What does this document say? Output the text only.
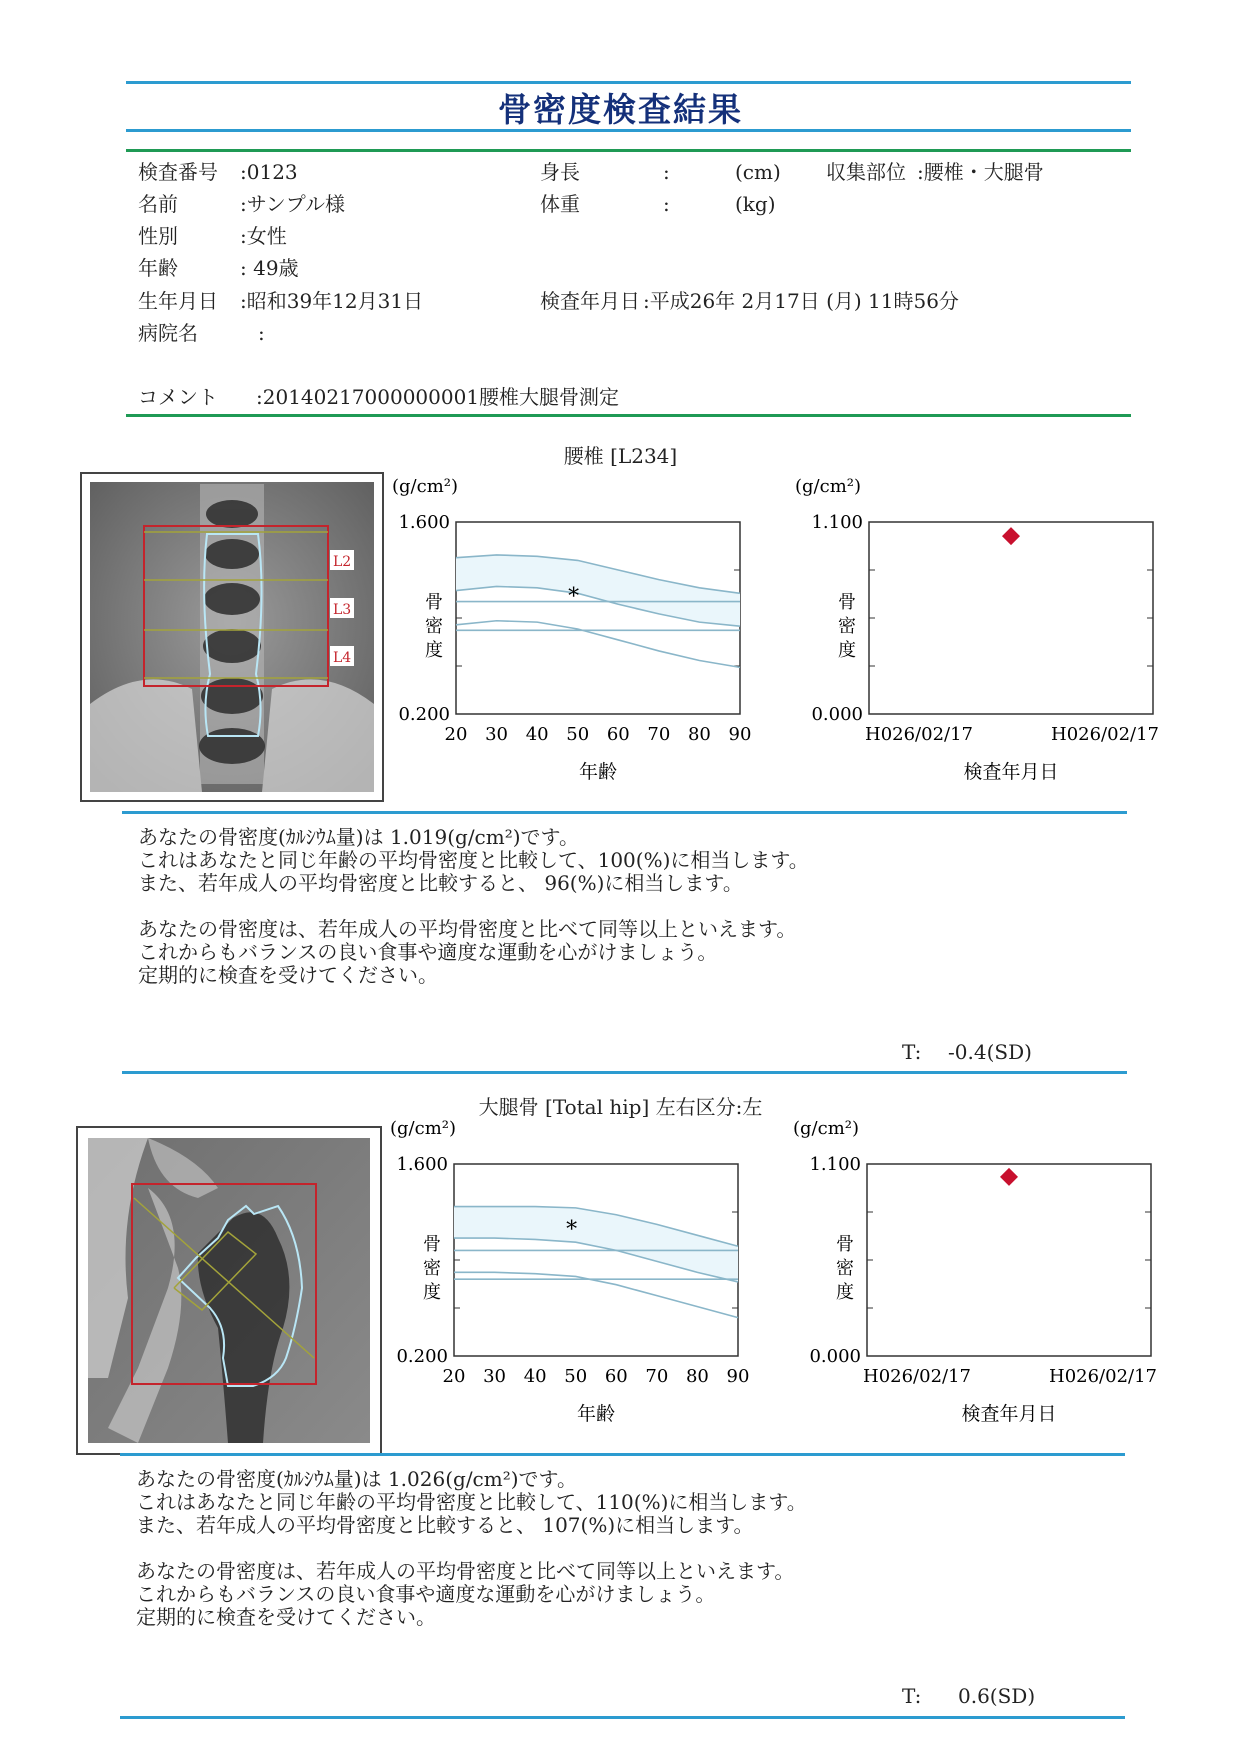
骨密度検査結果
検査番号 :0123
名前	:サンプル様
性別	:女性
年齢	: 49歳
生年月日 :昭和39年12月31日
病院名	:
身長	:	(cm)
体重	:	(kg)
収集部位 :腰椎・大腿骨
検査年月日 :平成26年 2月17日 (月) 11時56分
コメント :20140217000000001腰椎大腿骨測定
腰椎 [L234]
L2
L3
L4
(g/cm²)
1.600
0.200
骨
密
度
年齢
*
20 30 40 50 60 70 80 90
(g/cm²)
1.100
0.000
骨
密
度
検査年月日
H026/02/17	H026/02/17
あなたの骨密度(ｶﾙｼｳﾑ量)は 1.019(g/cm²)です。
これはあなたと同じ年齢の平均骨密度と比較して、100(%)に相当します。
また、若年成人の平均骨密度と比較すると、 96(%)に相当します。
あなたの骨密度は、若年成人の平均骨密度と比べて同等以上といえます。
これからもバランスの良い食事や適度な運動を心がけましょう。
定期的に検査を受けてください。
T: -0.4(SD)
大腿骨 [Total hip] 左右区分:左
(g/cm²)
1.600
0.200
骨
密
度
年齢
*
20 30 40 50 60 70 80 90
(g/cm²)
1.100
0.000
骨
密
度
検査年月日
H026/02/17	H026/02/17
あなたの骨密度(ｶﾙｼｳﾑ量)は 1.026(g/cm²)です。
これはあなたと同じ年齢の平均骨密度と比較して、110(%)に相当します。
また、若年成人の平均骨密度と比較すると、 107(%)に相当します。
あなたの骨密度は、若年成人の平均骨密度と比べて同等以上といえます。
これからもバランスの良い食事や適度な運動を心がけましょう。
定期的に検査を受けてください。
T: 0.6(SD)
